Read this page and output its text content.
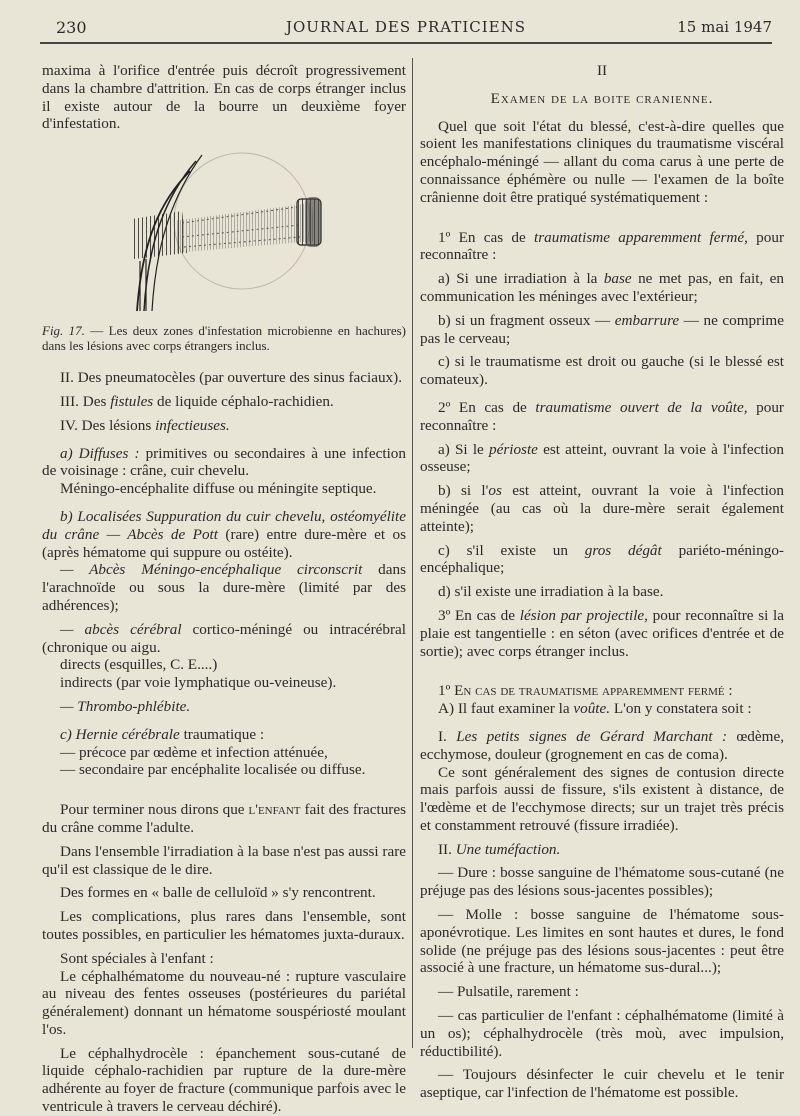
230	JOURNAL DES PRATICIENS	15 mai 1947

maxima à l'orifice d'entrée puis décroît progressivement dans la chambre d'attrition. En cas de corps étranger inclus il existe autour de la bourre un deuxième foyer d'infestation.

Fig. 17. — Les deux zones d'infestation microbienne en hachures) dans les lésions avec corps étrangers inclus.

II. Des pneumatocèles (par ouverture des sinus faciaux).

III. Des fistules de liquide céphalo-rachidien.

IV. Des lésions infectieuses.

a) Diffuses : primitives ou secondaires à une infection de voisinage : crâne, cuir chevelu.

Méningo-encéphalite diffuse ou méningite septique.

b) Localisées Suppuration du cuir chevelu, ostéomyélite du crâne — Abcès de Pott (rare) entre dure-mère et os (après hématome qui suppure ou ostéite).

— Abcès Méningo-encéphalique circonscrit dans l'arachnoïde ou sous la dure-mère (limité par des adhérences);

— abcès cérébral cortico-méningé ou intracérébral (chronique ou aigu.

directs (esquilles, C. E....)

indirects (par voie lymphatique ou-veineuse).

— Thrombo-phlébite.

c) Hernie cérébrale traumatique :

— précoce par œdème et infection atténuée,

— secondaire par encéphalite localisée ou diffuse.

Pour terminer nous dirons que l'enfant fait des fractures du crâne comme l'adulte.

Dans l'ensemble l'irradiation à la base n'est pas aussi rare qu'il est classique de le dire.

Des formes en « balle de celluloïd » s'y rencontrent.

Les complications, plus rares dans l'ensemble, sont toutes possibles, en particulier les hématomes juxta-duraux.

Sont spéciales à l'enfant :

Le céphalhématome du nouveau-né : rupture vasculaire au niveau des fentes osseuses (postérieures du pariétal généralement) donnant un hématome souspériosté moulant l'os.

Le céphalhydrocèle : épanchement sous-cutané de liquide céphalo-rachidien par rupture de la dure-mère adhérente au foyer de fracture (communique parfois avec le ventricule à travers le cerveau déchiré).

II

Examen de la boite cranienne.

Quel que soit l'état du blessé, c'est-à-dire quelles que soient les manifestations cliniques du traumatisme viscéral encéphalo-méningé — allant du coma carus à une perte de connaissance éphémère ou nulle — l'examen de la boîte crânienne doit être pratiqué systématiquement :

1º En cas de traumatisme apparemment fermé, pour reconnaître :

a) Si une irradiation à la base ne met pas, en fait, en communication les méninges avec l'extérieur;

b) si un fragment osseux — embarrure — ne comprime pas le cerveau;

c) si le traumatisme est droit ou gauche (si le blessé est comateux).

2º En cas de traumatisme ouvert de la voûte, pour reconnaître :

a) Si le périoste est atteint, ouvrant la voie à l'infection osseuse;

b) si l'os est atteint, ouvrant la voie à l'infection méningée (au cas où la dure-mère serait également atteinte);

c) s'il existe un gros dégât pariéto-méningo-encéphalique;

d) s'il existe une irradiation à la base.

3º En cas de lésion par projectile, pour reconnaître si la plaie est tangentielle : en séton (avec orifices d'entrée et de sortie); avec corps étranger inclus.

1º En cas de traumatisme apparemment fermé :

A) Il faut examiner la voûte. L'on y constatera soit :

I. Les petits signes de Gérard Marchant : œdème, ecchymose, douleur (grognement en cas de coma).

Ce sont généralement des signes de contusion directe mais parfois aussi de fissure, s'ils existent à distance, de l'œdème et de l'ecchymose directs; sur un trajet très précis et constamment retrouvé (fissure irradiée).

II. Une tuméfaction.

— Dure : bosse sanguine de l'hématome sous-cutané (ne préjuge pas des lésions sous-jacentes possibles);

— Molle : bosse sanguine de l'hématome sous-aponévrotique. Les limites en sont hautes et dures, le fond solide (ne préjuge pas des lésions sous-jacentes : peut être associé à une fracture, un hématome sus-dural...);

— Pulsatile, rarement :

— cas particulier de l'enfant : céphalhématome (limité à un os); céphalhydrocèle (très moù, avec impulsion, réductibilité).

— Toujours désinfecter le cuir chevelu et le tenir aseptique, car l'infection de l'hématome est possible.
